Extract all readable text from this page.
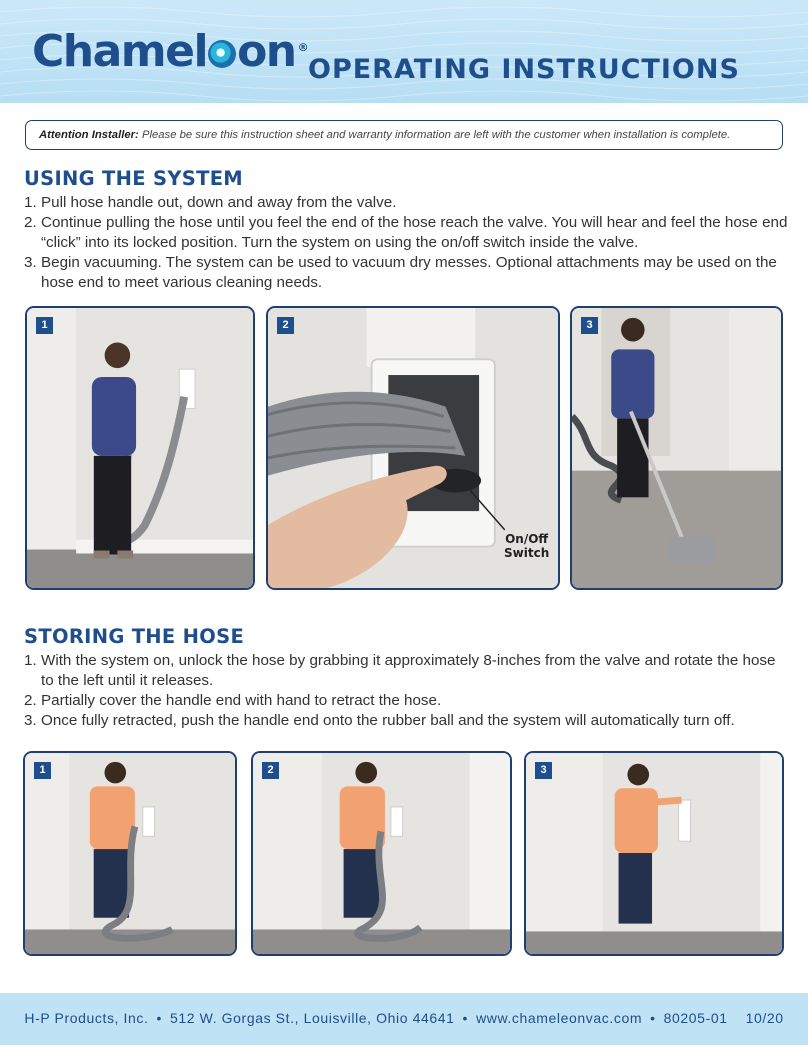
Chamel on ®
OPERATING INSTRUCTIONS
Attention Installer: Please be sure this instruction sheet and warranty information are left with the customer when installation is complete.
USING THE SYSTEM
1. Pull hose handle out, down and away from the valve.
2. Continue pulling the hose until you feel the end of the hose reach the valve. You will hear and feel the hose end “click” into its locked position. Turn the system on using the on/off switch inside the valve.
3. Begin vacuuming. The system can be used to vacuum dry messes. Optional attachments may be used on the hose end to meet various cleaning needs.
1	2
On/Off
Switch
3
STORING THE HOSE
1. With the system on, unlock the hose by grabbing it approximately 8-inches from the valve and rotate the hose to the left until it releases.
2. Partially cover the handle end with hand to retract the hose.
3. Once fully retracted, push the handle end onto the rubber ball and the system will automatically turn off.
1	2	3
H-P Products, Inc. • 512 W. Gorgas St., Louisville, Ohio 44641 • www.chameleonvac.com • 80205-01 10/20
